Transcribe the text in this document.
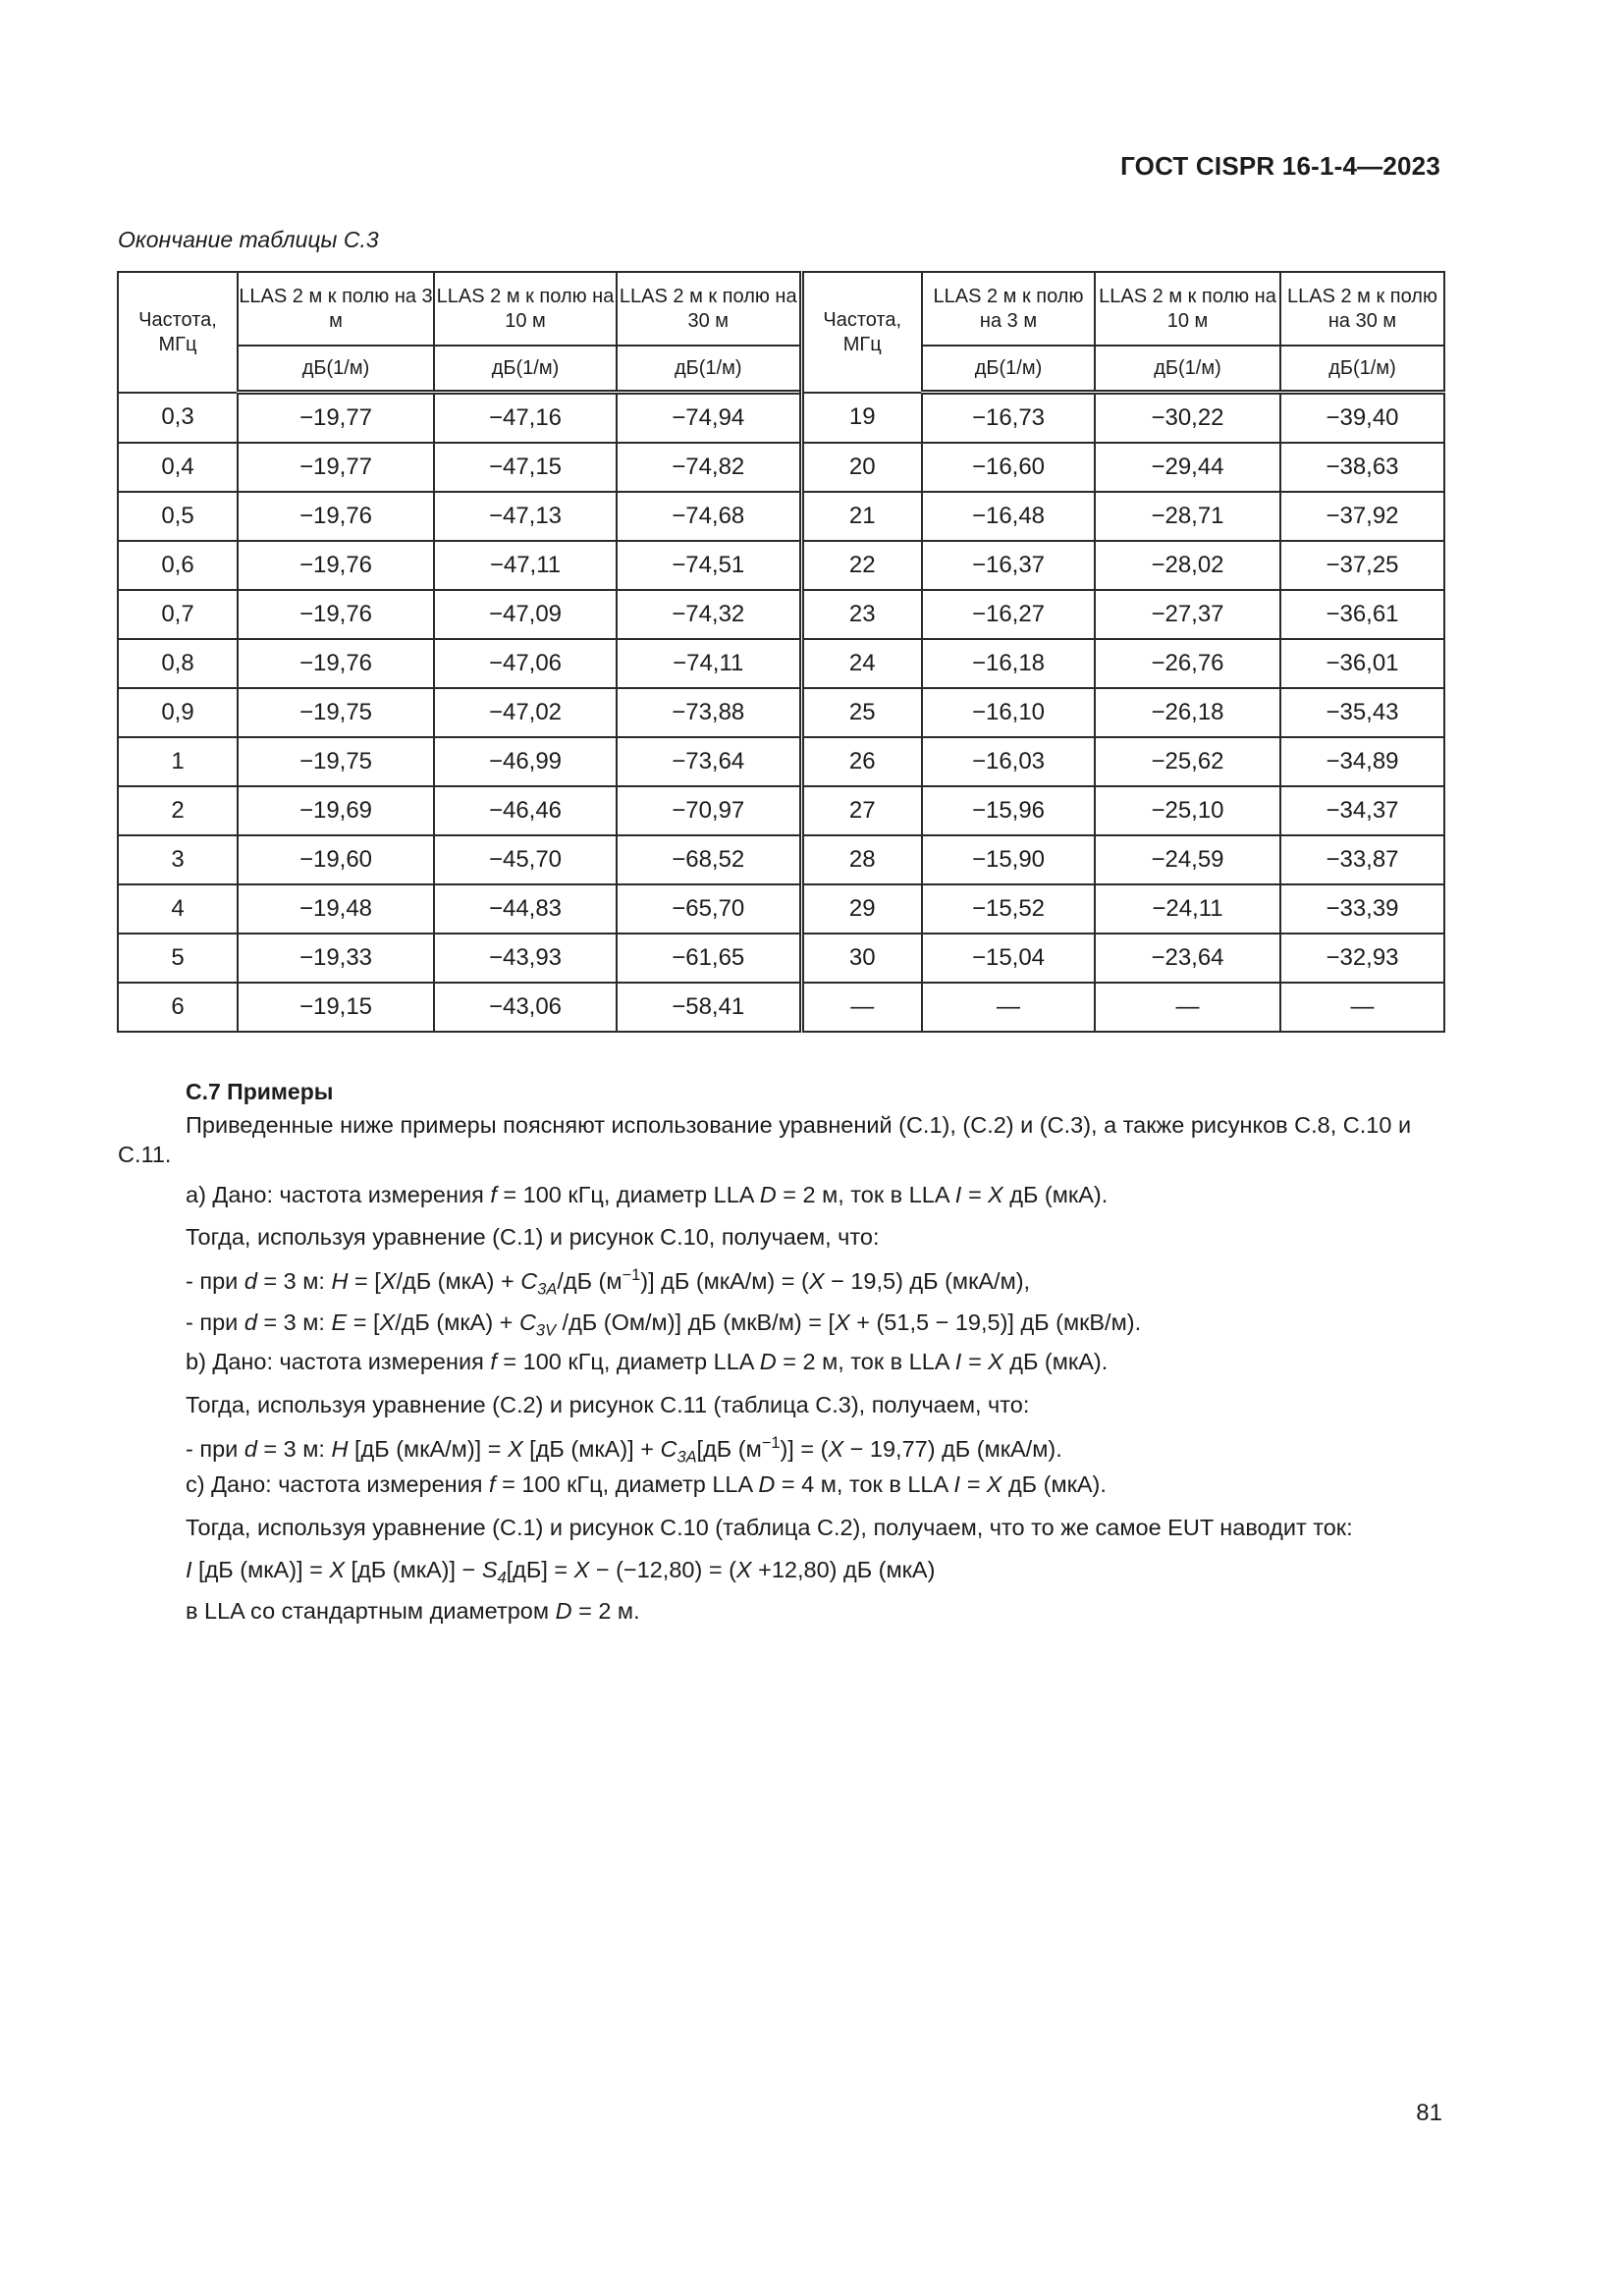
ГОСТ CISPR 16-1-4—2023
Окончание таблицы С.3
Частота, МГц	LLAS 2 м к полю на 3 м	LLAS 2 м к полю на 10 м	LLAS 2 м к полю на 30 м	Частота, МГц	LLAS 2 м к полю на 3 м	LLAS 2 м к полю на 10 м	LLAS 2 м к полю на 30 м
	дБ(1/м)	дБ(1/м)	дБ(1/м)		дБ(1/м)	дБ(1/м)	дБ(1/м)
0,3	−19,77	−47,16	−74,94	19	−16,73	−30,22	−39,40
0,4	−19,77	−47,15	−74,82	20	−16,60	−29,44	−38,63
0,5	−19,76	−47,13	−74,68	21	−16,48	−28,71	−37,92
0,6	−19,76	−47,11	−74,51	22	−16,37	−28,02	−37,25
0,7	−19,76	−47,09	−74,32	23	−16,27	−27,37	−36,61
0,8	−19,76	−47,06	−74,11	24	−16,18	−26,76	−36,01
0,9	−19,75	−47,02	−73,88	25	−16,10	−26,18	−35,43
1	−19,75	−46,99	−73,64	26	−16,03	−25,62	−34,89
2	−19,69	−46,46	−70,97	27	−15,96	−25,10	−34,37
3	−19,60	−45,70	−68,52	28	−15,90	−24,59	−33,87
4	−19,48	−44,83	−65,70	29	−15,52	−24,11	−33,39
5	−19,33	−43,93	−61,65	30	−15,04	−23,64	−32,93
6	−19,15	−43,06	−58,41	—	—	—	—
С.7 Примеры

Приведенные ниже примеры поясняют использование уравнений (С.1), (С.2) и (С.3), а также рисунков С.8, С.10 и С.11.

а) Дано: частота измерения f = 100 кГц, диаметр LLA D = 2 м, ток в LLA I = X дБ (мкА).
Тогда, используя уравнение (С.1) и рисунок С.10, получаем, что:
- при d = 3 м: H = [X/дБ $(мкА) + C_{3A}/дБ$ $(м^{-1})$] дБ (мкА/м) = (X − 19,5) дБ (мкА/м),
- при d = 3 м: E = [X/дБ $(мкА) + C_{3V}$ /дБ (Ом/м)] дБ (мкВ/м) = [X + (51,5 − 19,5)] дБ (мкВ/м).
b) Дано: частота измерения f = 100 кГц, диаметр LLA D = 2 м, ток в LLA I = X дБ (мкА).
Тогда, используя уравнение (С.2) и рисунок С.11 (таблица С.3), получаем, что:
- при d = 3 м: H [дБ (мкА/м)] = X [дБ $(мкА)] + C_{3A}[дБ$ $(м^{-1})] = (X - 19,77)$ дБ (мкА/м).
с) Дано: частота измерения f = 100 кГц, диаметр LLA D = 4 м, ток в LLA I = X дБ (мкА).
Тогда, используя уравнение (С.1) и рисунок С.10 (таблица С.2), получаем, что то же самое EUT наводит ток:
I [дБ (мкА)] = X [дБ $(мкА)] - S_4[дБ] = X - (-12,80) = (X +12,80)$ дБ (мкА)
в LLA со стандартным диаметром D = 2 м.
81
